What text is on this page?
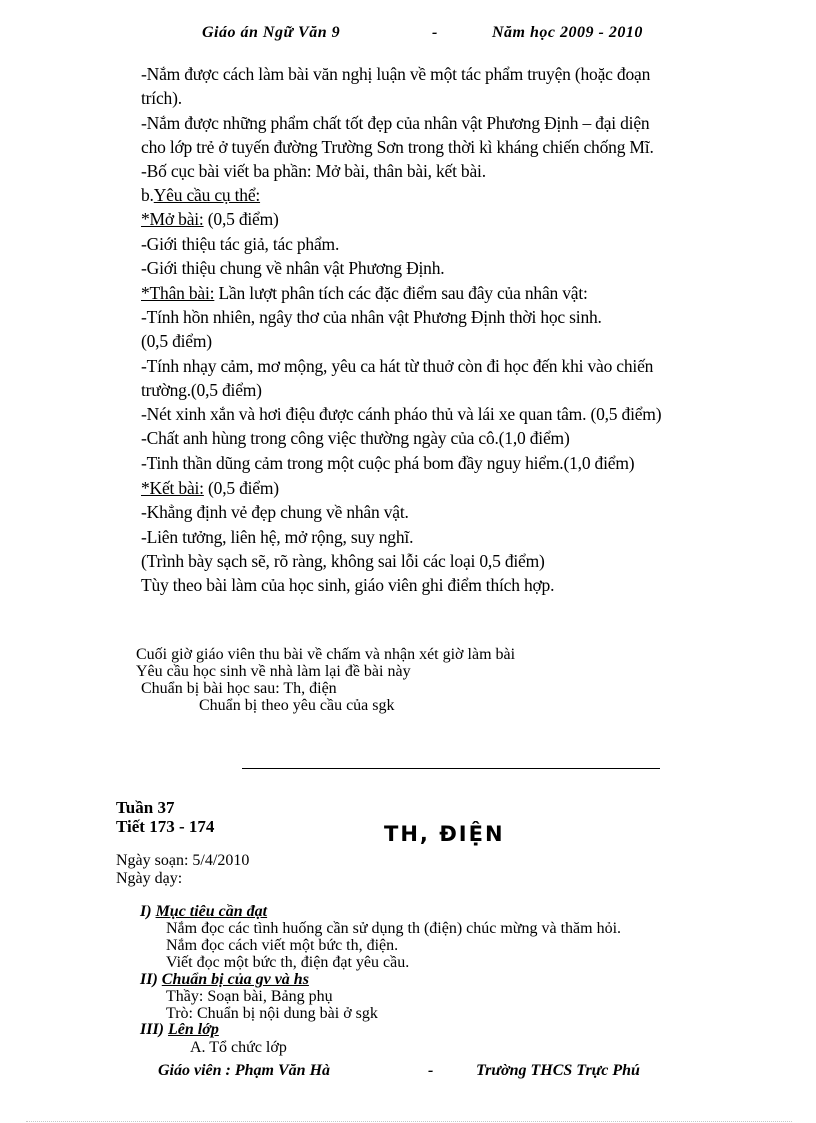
Giáo án Ngữ Văn 9	-	Năm học 2009 - 2010
-Nắm được cách làm bài văn nghị luận về một tác phẩm truyện (hoặc đoạn
trích).
-Nắm được những phẩm chất tốt đẹp của nhân vật Phương Định – đại diện
cho lớp trẻ ở tuyến đường Trường Sơn trong thời kì kháng chiến chống Mĩ.
-Bố cục bài viết ba phần: Mở bài, thân bài, kết bài.
b.Yêu cầu cụ thể:
*Mở bài: (0,5 điểm)
-Giới thiệu tác giả, tác phẩm.
-Giới thiệu chung về nhân vật Phương Định.
*Thân bài: Lần lượt phân tích các đặc điểm sau đây của nhân vật:
-Tính hồn nhiên, ngây thơ của nhân vật Phương Định thời học sinh.
(0,5 điểm)
-Tính nhạy cảm, mơ mộng, yêu ca hát từ thuở còn đi học đến khi vào chiến
trường.(0,5 điểm)
-Nét xinh xắn và hơi điệu được cánh pháo thủ và lái xe quan tâm. (0,5 điểm)
-Chất anh hùng trong công việc thường ngày của cô.(1,0 điểm)
-Tinh thần dũng cảm trong một cuộc phá bom đầy nguy hiểm.(1,0 điểm)
*Kết bài: (0,5 điểm)
-Khẳng định vẻ đẹp chung về nhân vật.
-Liên tưởng, liên hệ, mở rộng, suy nghĩ.
(Trình bày sạch sẽ, rõ ràng, không sai lỗi các loại 0,5 điểm)
Tùy theo bài làm của học sinh, giáo viên ghi điểm thích hợp.
Cuối giờ giáo viên thu bài về chấm và nhận xét giờ làm bài
Yêu cầu học sinh về nhà làm lại đề bài này
Chuẩn bị bài học sau: Th, điện
Chuẩn bị theo yêu cầu của sgk
Tuần 37
Tiết 173 - 174	TH, ĐIỆN
Ngày soạn: 5/4/2010
Ngày dạy:
I) Mục tiêu cần đạt
Nắm đọc các tình huống cần sử dụng th (điện) chúc mừng và thăm hỏi.
Nắm đọc cách viết một bức th, điện.
Viết đọc một bức th, điện đạt yêu cầu.
II) Chuẩn bị của gv và hs
Thầy: Soạn bài, Bảng phụ
Trò: Chuẩn bị nội dung bài ở sgk
III) Lên lớp
A. Tổ chức lớp
Giáo viên : Phạm Văn Hà	-	Trường THCS Trực Phú
